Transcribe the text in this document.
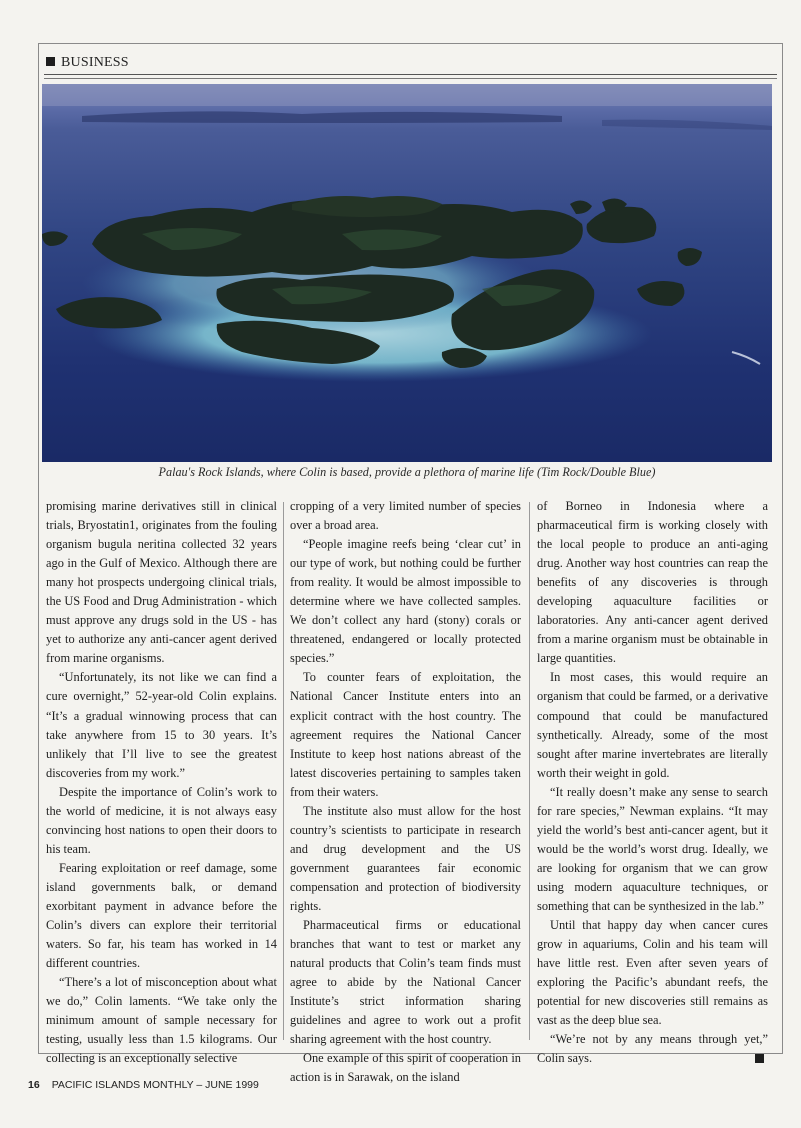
BUSINESS
Palau's Rock Islands, where Colin is based, provide a plethora of marine life (Tim Rock/Double Blue)

promising marine derivatives still in clinical trials, Bryostatin1, originates from the fouling organism bugula neritina collected 32 years ago in the Gulf of Mexico. Although there are many hot prospects undergoing clinical trials, the US Food and Drug Administration - which must approve any drugs sold in the US - has yet to authorize any anti-cancer agent derived from marine organisms.

“Unfortunately, its not like we can find a cure overnight,” 52-year-old Colin explains. “It’s a gradual winnowing process that can take anywhere from 15 to 30 years. It’s unlikely that I’ll live to see the greatest discoveries from my work.”

Despite the importance of Colin’s work to the world of medicine, it is not always easy convincing host nations to open their doors to his team.

Fearing exploitation or reef damage, some island governments balk, or demand exorbitant payment in advance before the Colin’s divers can explore their territorial waters. So far, his team has worked in 14 different countries.

“There’s a lot of misconception about what we do,” Colin laments. “We take only the minimum amount of sample necessary for testing, usually less than 1.5 kilograms. Our collecting is an exceptionally selective

cropping of a very limited number of species over a broad area.

“People imagine reefs being ‘clear cut’ in our type of work, but nothing could be further from reality. It would be almost impossible to determine where we have collected samples. We don’t collect any hard (stony) corals or threatened, endangered or locally protected species.”

To counter fears of exploitation, the National Cancer Institute enters into an explicit contract with the host country. The agreement requires the National Cancer Institute to keep host nations abreast of the latest discoveries pertaining to samples taken from their waters.

The institute also must allow for the host country’s scientists to participate in research and drug development and the US government guarantees fair economic compensation and protection of biodiversity rights.

Pharmaceutical firms or educational branches that want to test or market any natural products that Colin’s team finds must agree to abide by the National Cancer Institute’s strict information sharing guidelines and agree to work out a profit sharing agreement with the host country.

One example of this spirit of cooperation in action is in Sarawak, on the island

of Borneo in Indonesia where a pharmaceutical firm is working closely with the local people to produce an anti-aging drug. Another way host countries can reap the benefits of any discoveries is through developing aquaculture facilities or laboratories. Any anti-cancer agent derived from a marine organism must be obtainable in large quantities.

In most cases, this would require an organism that could be farmed, or a derivative compound that could be manufactured synthetically. Already, some of the most sought after marine invertebrates are literally worth their weight in gold.

“It really doesn’t make any sense to search for rare species,” Newman explains. “It may yield the world’s best anti-cancer agent, but it would be the world’s worst drug. Ideally, we are looking for organism that we can grow using modern aquaculture techniques, or something that can be synthesized in the lab.”

Until that happy day when cancer cures grow in aquariums, Colin and his team will have little rest. Even after seven years of exploring the Pacific’s abundant reefs, the potential for new discoveries still remains as vast as the deep blue sea.

“We’re not by any means through yet,” Colin says.

16 PACIFIC ISLANDS MONTHLY – JUNE 1999
